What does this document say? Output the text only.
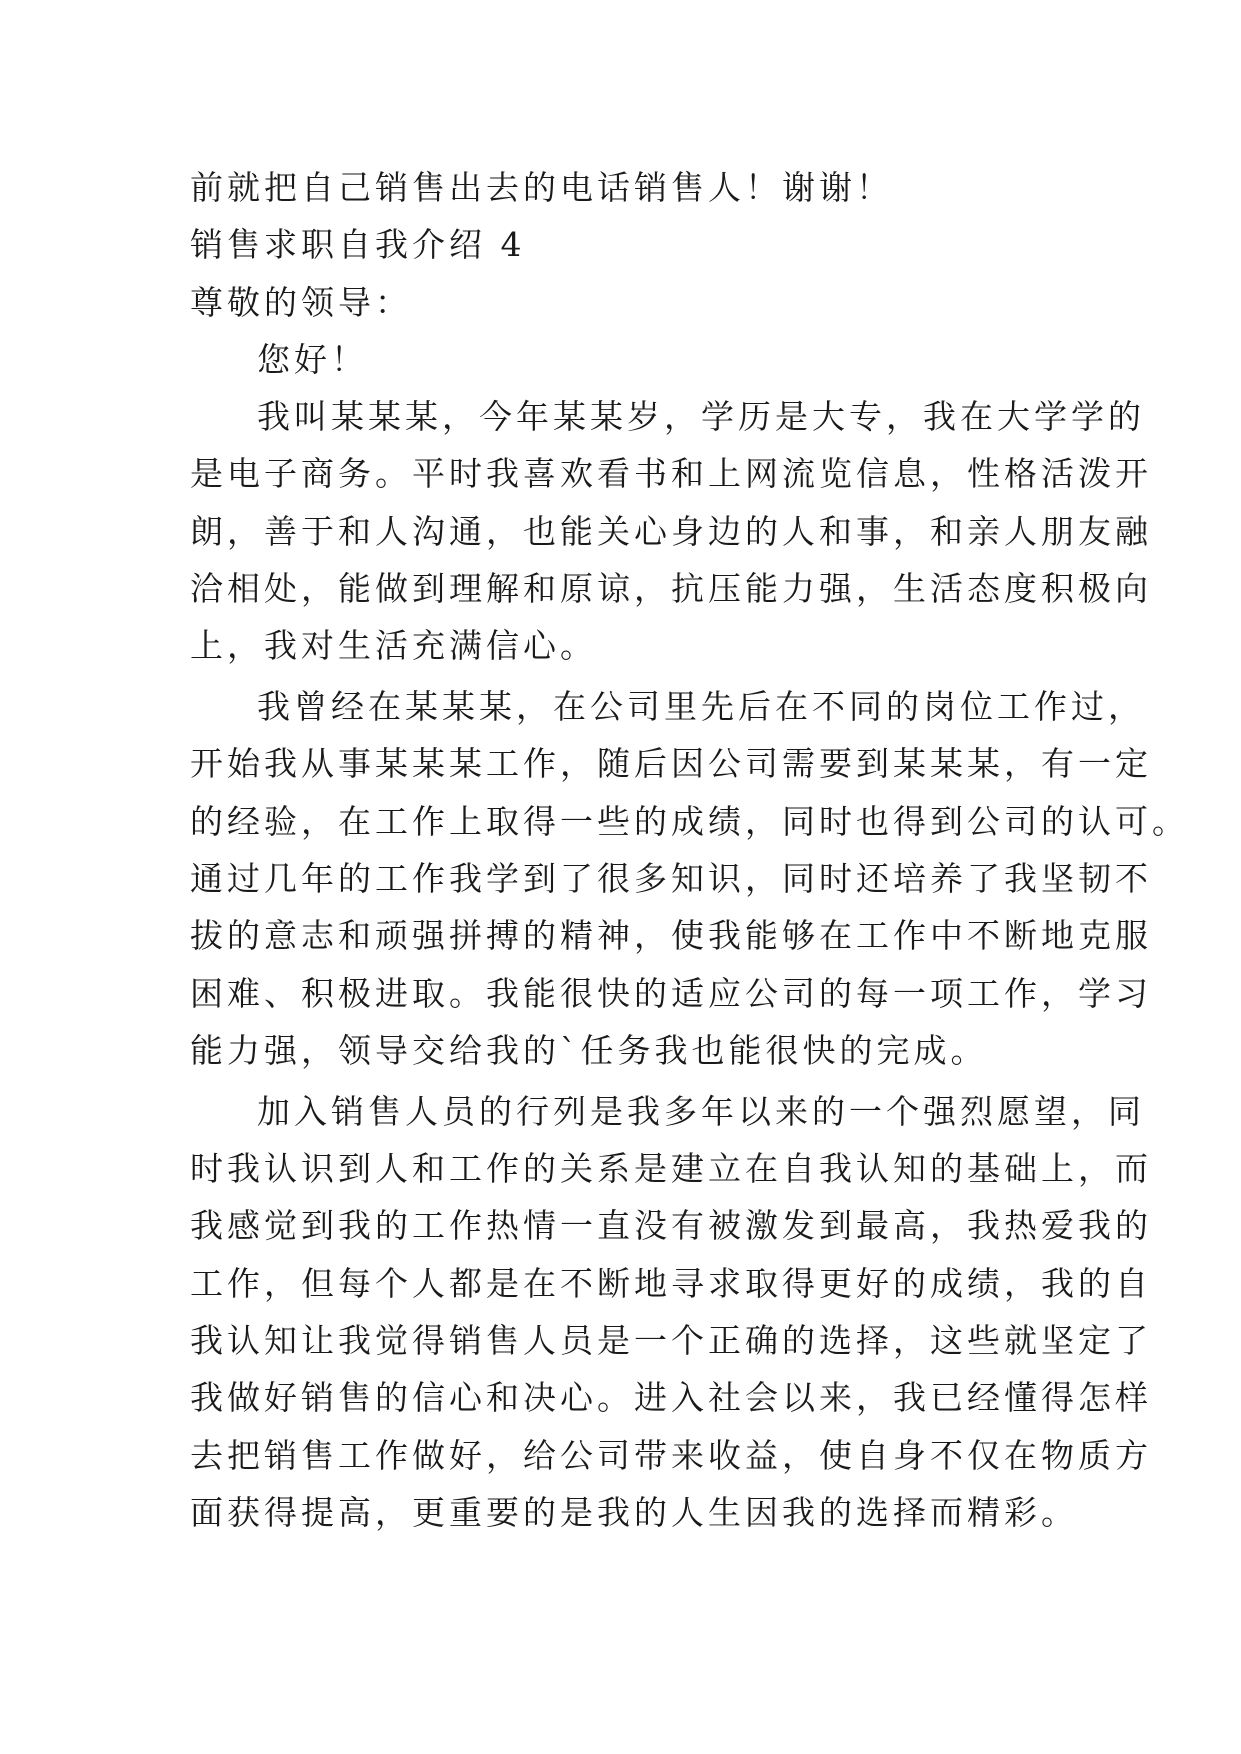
前就把自己销售出去的电话销售人！谢谢！
销售求职自我介绍 4
尊敬的领导：
您好！
我叫某某某，今年某某岁，学历是大专，我在大学学的
是电子商务。平时我喜欢看书和上网流览信息，性格活泼开
朗，善于和人沟通，也能关心身边的人和事，和亲人朋友融
洽相处，能做到理解和原谅，抗压能力强，生活态度积极向
上，我对生活充满信心。
我曾经在某某某，在公司里先后在不同的岗位工作过，
开始我从事某某某工作，随后因公司需要到某某某，有一定
的经验，在工作上取得一些的成绩，同时也得到公司的认可。
通过几年的工作我学到了很多知识，同时还培养了我坚韧不
拔的意志和顽强拼搏的精神，使我能够在工作中不断地克服
困难、积极进取。我能很快的适应公司的每一项工作，学习
能力强，领导交给我的`任务我也能很快的完成。
加入销售人员的行列是我多年以来的一个强烈愿望，同
时我认识到人和工作的关系是建立在自我认知的基础上，而
我感觉到我的工作热情一直没有被激发到最高，我热爱我的
工作，但每个人都是在不断地寻求取得更好的成绩，我的自
我认知让我觉得销售人员是一个正确的选择，这些就坚定了
我做好销售的信心和决心。进入社会以来，我已经懂得怎样
去把销售工作做好，给公司带来收益，使自身不仅在物质方
面获得提高，更重要的是我的人生因我的选择而精彩。
